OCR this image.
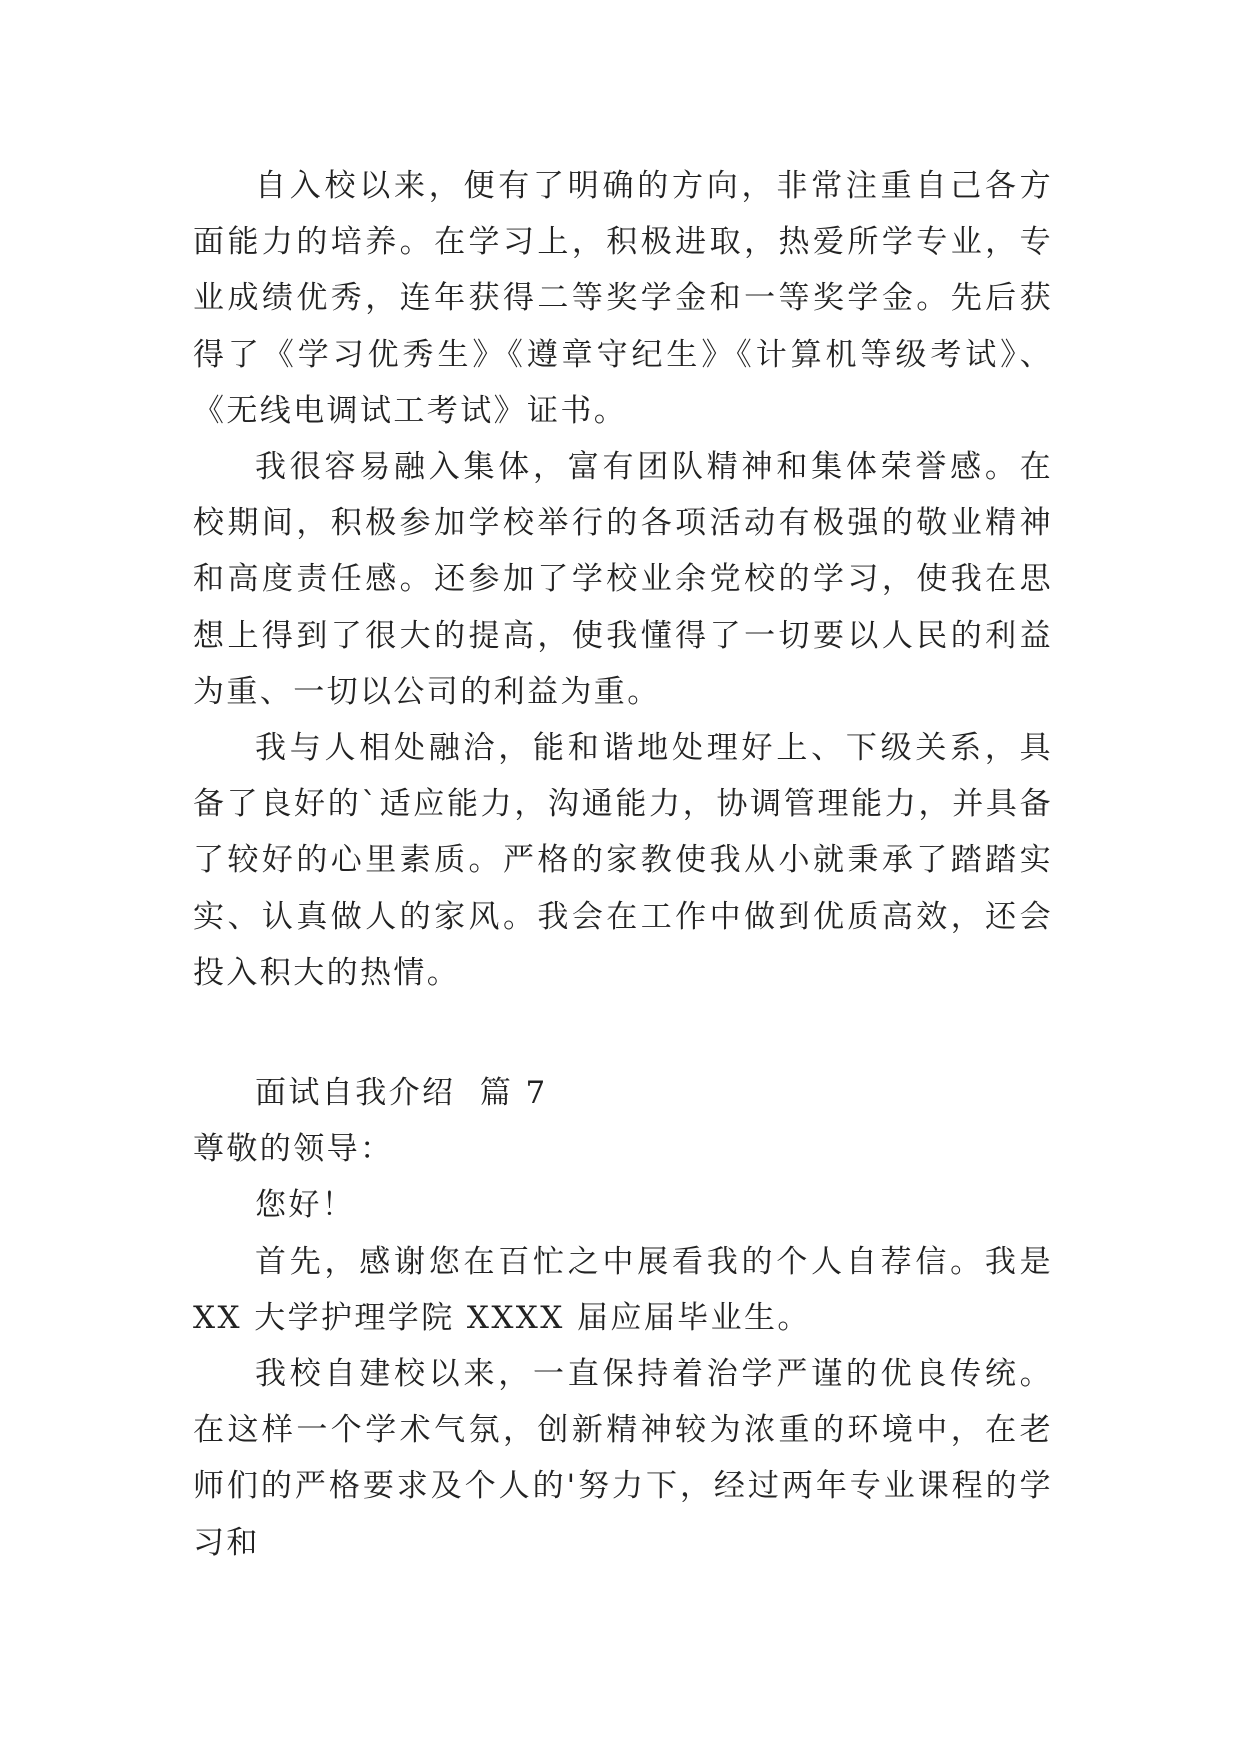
自入校以来，便有了明确的方向，非常注重自己各方面能力的培养。在学习上，积极进取，热爱所学专业，专业成绩优秀，连年获得二等奖学金和一等奖学金。先后获得了《学习优秀生》《遵章守纪生》《计算机等级考试》、《无线电调试工考试》证书。

我很容易融入集体，富有团队精神和集体荣誉感。在校期间，积极参加学校举行的各项活动有极强的敬业精神和高度责任感。还参加了学校业余党校的学习，使我在思想上得到了很大的提高，使我懂得了一切要以人民的利益为重、一切以公司的利益为重。

我与人相处融洽，能和谐地处理好上、下级关系，具备了良好的`适应能力，沟通能力，协调管理能力，并具备了较好的心里素质。严格的家教使我从小就秉承了踏踏实实、认真做人的家风。我会在工作中做到优质高效，还会投入积大的热情。

面试自我介绍  篇 7

尊敬的领导：

您好！

首先，感谢您在百忙之中展看我的个人自荐信。我是 XX 大学护理学院 XXXX 届应届毕业生。

我校自建校以来，一直保持着治学严谨的优良传统。在这样一个学术气氛，创新精神较为浓重的环境中，在老师们的严格要求及个人的'努力下，经过两年专业课程的学习和
